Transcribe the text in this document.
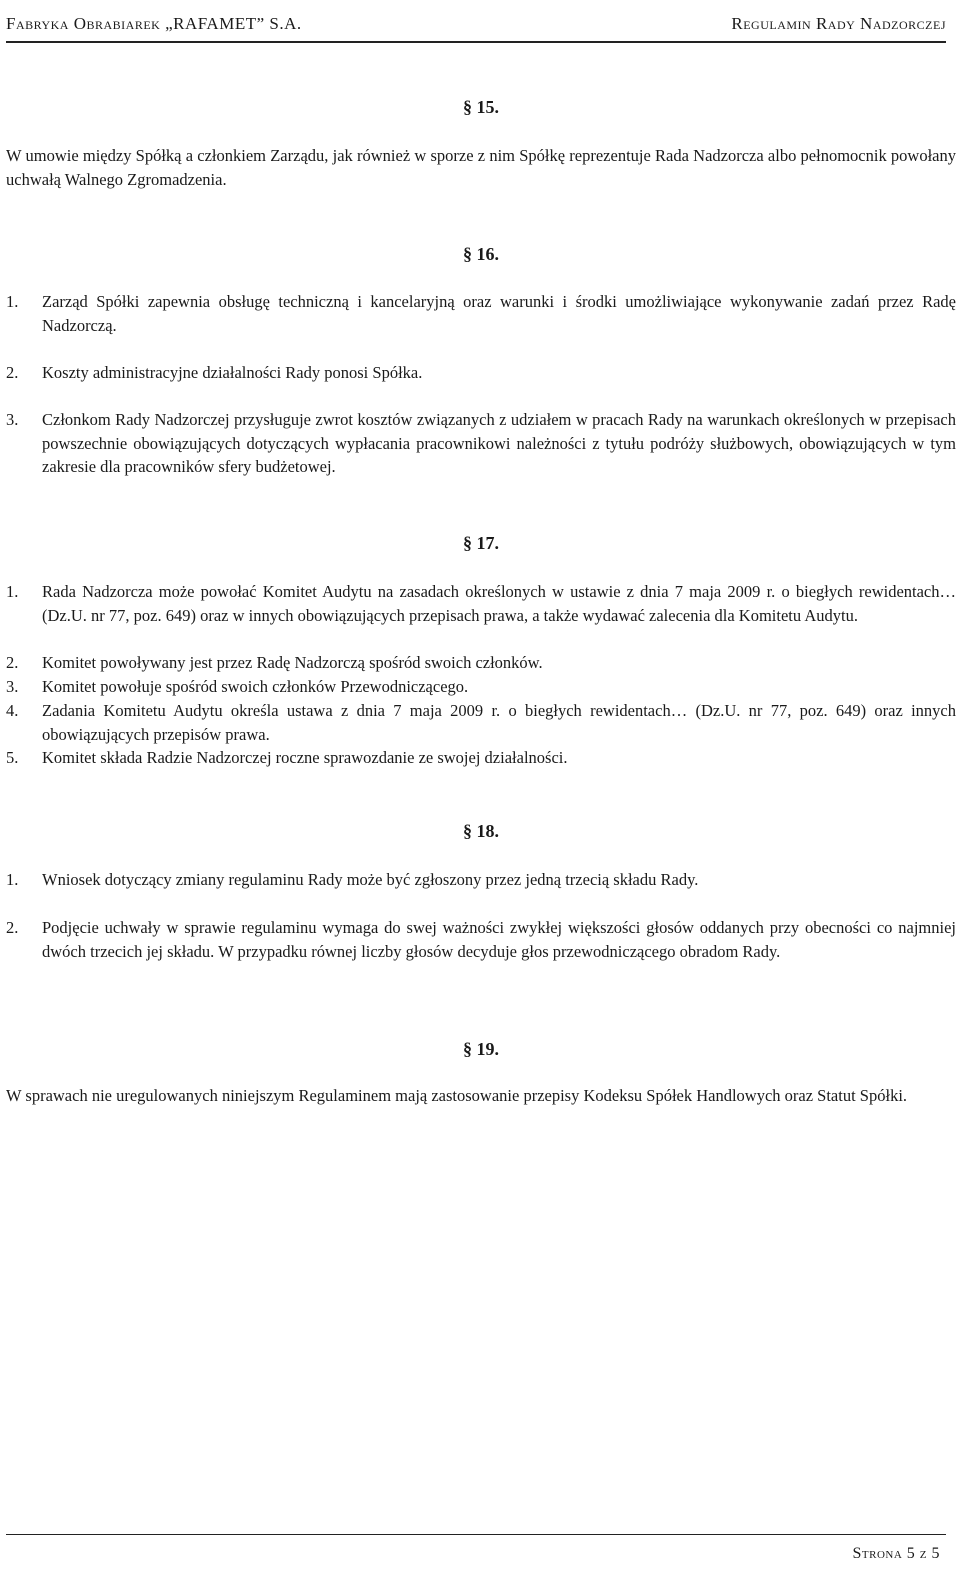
Fabryka Obrabiarek „RAFAMET” S.A.	Regulamin Rady Nadzorczej
§ 15.
W umowie między Spółką a członkiem Zarządu, jak również w sporze z nim Spółkę reprezentuje Rada Nadzorcza albo pełnomocnik powołany uchwałą Walnego Zgromadzenia.
§ 16.
1.	Zarząd Spółki zapewnia obsługę techniczną i kancelaryjną oraz warunki i środki umożliwiające wykonywanie zadań przez Radę Nadzorczą.
2.	Koszty administracyjne działalności Rady ponosi Spółka.
3.	Członkom Rady Nadzorczej przysługuje zwrot kosztów związanych z udziałem w pracach Rady na warunkach określonych w przepisach powszechnie obowiązujących dotyczących wypłacania pracownikowi należności z tytułu podróży służbowych, obowiązujących w tym zakresie dla pracowników sfery budżetowej.
§ 17.
1.	Rada Nadzorcza może powołać Komitet Audytu na zasadach określonych w ustawie z dnia 7 maja 2009 r. o biegłych rewidentach… (Dz.U. nr 77, poz. 649) oraz w innych obowiązujących przepisach prawa, a także wydawać zalecenia dla Komitetu Audytu.
2.	Komitet powoływany jest przez Radę Nadzorczą spośród swoich członków.
3.	Komitet powołuje spośród swoich członków Przewodniczącego.
4.	Zadania Komitetu Audytu określa ustawa z dnia 7 maja 2009 r. o biegłych rewidentach… (Dz.U. nr 77, poz. 649) oraz innych obowiązujących przepisów prawa.
5.	Komitet składa Radzie Nadzorczej roczne sprawozdanie ze swojej działalności.
§ 18.
1.	Wniosek dotyczący zmiany regulaminu Rady może być zgłoszony przez jedną trzecią składu Rady.
2.	Podjęcie uchwały w sprawie regulaminu wymaga do swej ważności zwykłej większości głosów oddanych przy obecności co najmniej dwóch trzecich jej składu. W przypadku równej liczby głosów decyduje głos przewodniczącego obradom Rady.
§ 19.
W sprawach nie uregulowanych niniejszym Regulaminem mają zastosowanie przepisy Kodeksu Spółek Handlowych oraz Statut Spółki.
Strona 5 z 5
